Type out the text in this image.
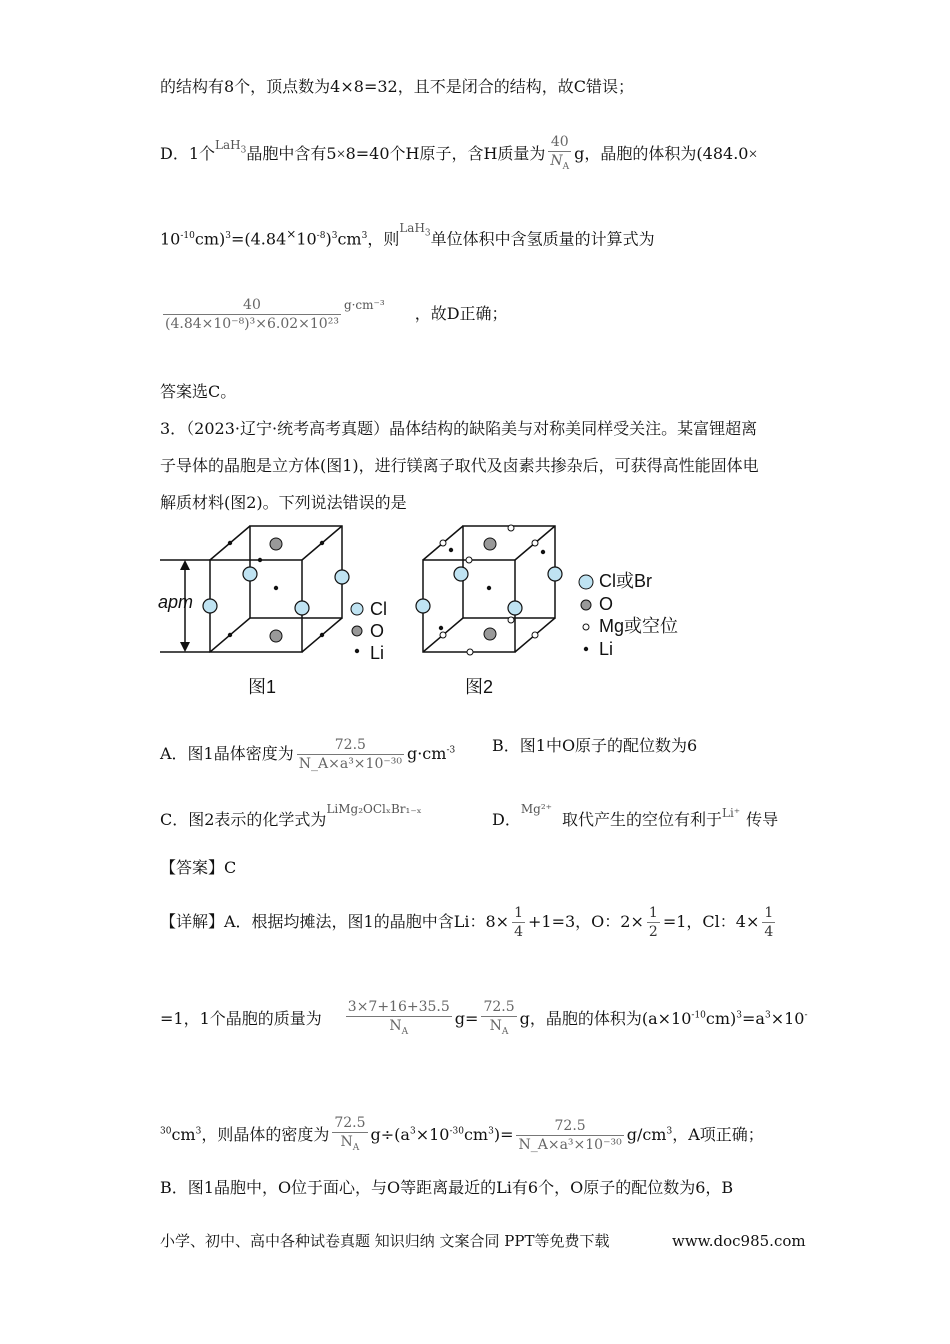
的结构有8个，顶点数为4×8=32，且不是闭合的结构，故C错误；
D．1个$^{LaH_3}$晶胞中含有5×8=40个H原子，含H质量为 $\frac{40}{N_A}$ g，晶胞的体积为(484.0×
$10^{-10}cm)^3=(4.84^\times 10^{-8})^3cm^3$，则$^{LaH_3}$单位体积中含氢质量的计算式为
$\frac{40}{\text{(4.84×10⁻⁸)³×6.02×10²³}} ^{g\cdot cm^{-3}}$ ，故D正确；
答案选C。
3．（2023·辽宁·统考高考真题）晶体结构的缺陷美与对称美同样受关注。某富锂超离
子导体的晶胞是立方体(图1)，进行镁离子取代及卤素共掺杂后，可获得高性能固体电
解质材料(图2)。下列说法错误的是
apm
图1
Cl
O
Li
图2
Cl或Br
O
Mg或空位
Li
A．图1晶体密度为 $\frac{72.5}{\text{N\_A×a³×10⁻³⁰}} g\cdot cm^{-3}$ B．图1中O原子的配位数为6
C．图2表示的化学式为$^{LiMg_2OCl_xBr_{1-x}}$
D．$^{Mg^{2+}}$取代产生的空位有利于$^{Li^+}$ 传导
【答案】C
【详解】A．根据均摊法，图1的晶胞中含Li：$8\times \frac{1}{4} +1=3$，O：$2\times \frac{1}{2} =1$，Cl：$4\times \frac{1}{4}$
=1，1个晶胞的质量为 $\frac{3\times 7+16+35.5}{N_A} g= \frac{72.5}{N_A}$ g，晶胞的体积为$(a\times 10^{-10}cm)^3=a^3\times 10^-$
$^{30}cm^3$，则晶体的密度为 $\frac{72.5}{N_A} g\div(a^3\times 10^{-30}cm^3)= \frac{72.5}{\text{N\_A×a³×10⁻³⁰}} g/cm^3$，A项正确；
B．图1晶胞中，O位于面心，与O等距离最近的Li有6个，O原子的配位数为6，B
小学、初中、高中各种试卷真题 知识归纳 文案合同 PPT等免费下载	www.doc985.com
